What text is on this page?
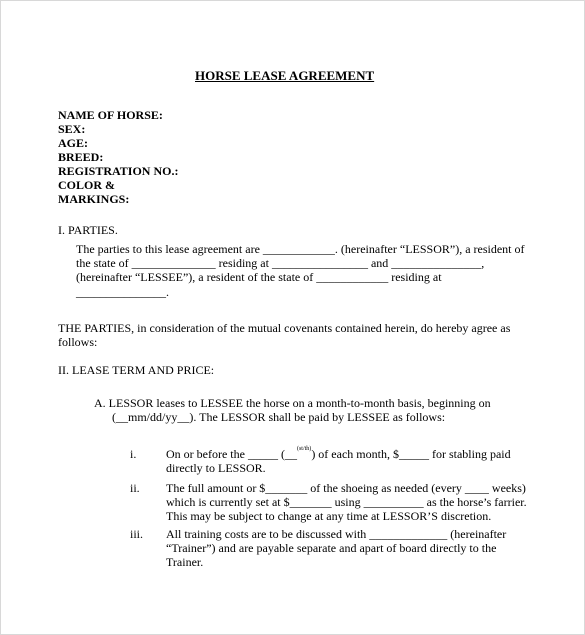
HORSE LEASE AGREEMENT
NAME OF HORSE:
SEX:
AGE:
BREED:
REGISTRATION NO.:
COLOR &
MARKINGS:
I. PARTIES.
The parties to this lease agreement are ____________. (hereinafter “LESSOR”), a resident of
the state of ______________ residing at ________________ and _______________,
(hereinafter “LESSEE”), a resident of the state of ____________ residing at
_______________.
THE PARTIES, in consideration of the mutual covenants contained herein, do hereby agree as
follows:
II. LEASE TERM AND PRICE:
A. LESSOR leases to LESSEE the horse on a month-to-month basis, beginning on
(__mm/dd/yy__). The LESSOR shall be paid by LESSEE as follows:
i. On or before the _____ (__$^{(st/th)}$) of each month, $_____ for stabling paid
directly to LESSOR.
ii. The full amount or $_______ of the shoeing as needed (every ____ weeks)
which is currently set at $_______ using __________ as the horse’s farrier.
This may be subject to change at any time at LESSOR’S discretion.
iii. All training costs are to be discussed with _____________ (hereinafter
“Trainer”) and are payable separate and apart of board directly to the
Trainer.
